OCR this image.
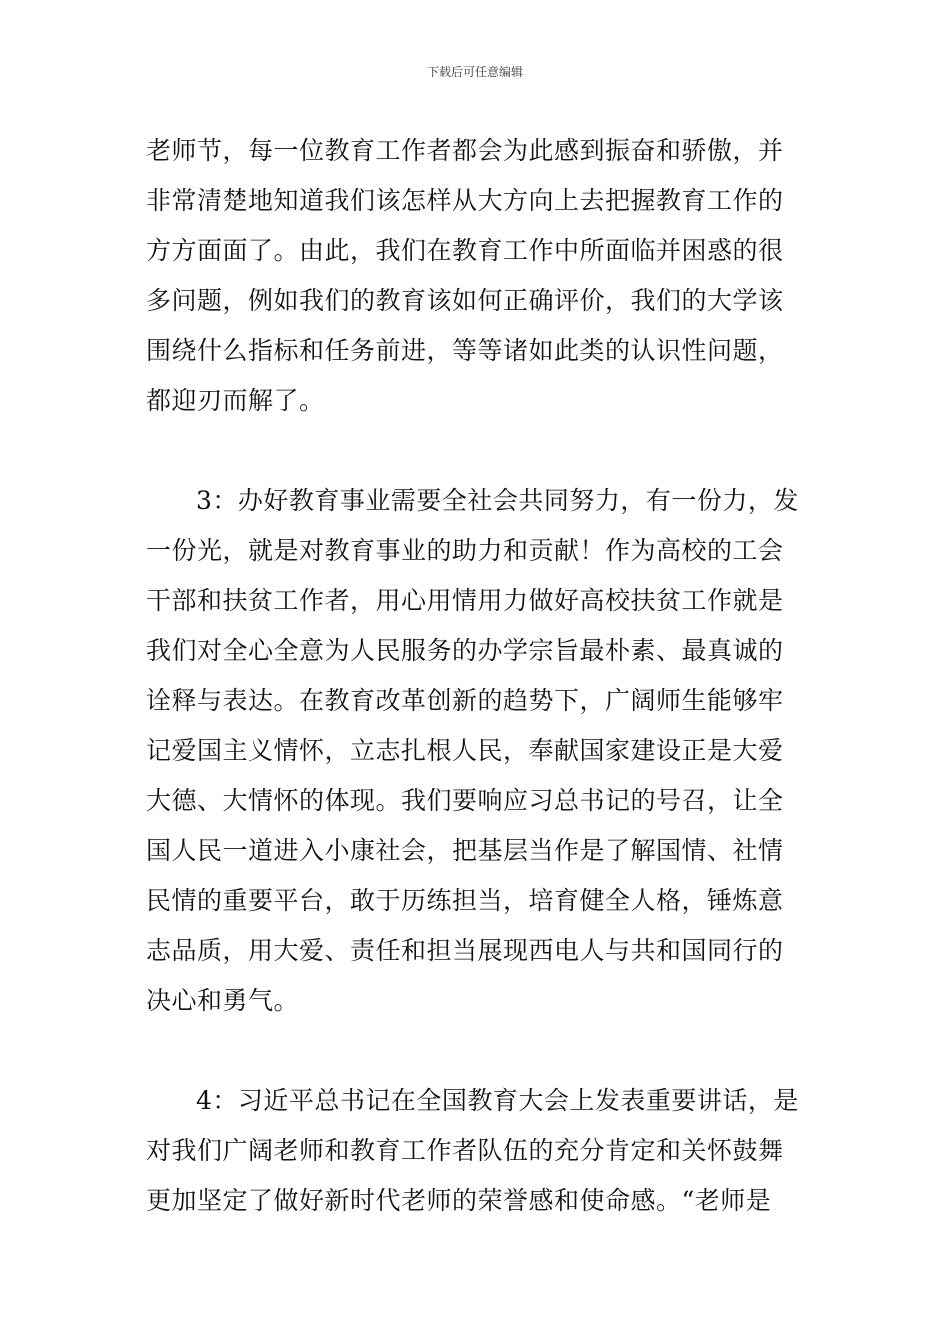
下载后可任意编辑
老师节，每一位教育工作者都会为此感到振奋和骄傲，并
非常清楚地知道我们该怎样从大方向上去把握教育工作的
方方面面了。由此，我们在教育工作中所面临并困惑的很
多问题，例如我们的教育该如何正确评价，我们的大学该
围绕什么指标和任务前进，等等诸如此类的认识性问题，
都迎刃而解了。
3：办好教育事业需要全社会共同努力，有一份力，发
一份光，就是对教育事业的助力和贡献！作为高校的工会
干部和扶贫工作者，用心用情用力做好高校扶贫工作就是
我们对全心全意为人民服务的办学宗旨最朴素、最真诚的
诠释与表达。在教育改革创新的趋势下，广阔师生能够牢
记爱国主义情怀，立志扎根人民，奉献国家建设正是大爱
大德、大情怀的体现。我们要响应习总书记的号召，让全
国人民一道进入小康社会，把基层当作是了解国情、社情
民情的重要平台，敢于历练担当，培育健全人格，锤炼意
志品质，用大爱、责任和担当展现西电人与共和国同行的
决心和勇气。
4：习近平总书记在全国教育大会上发表重要讲话，是
对我们广阔老师和教育工作者队伍的充分肯定和关怀鼓舞
更加坚定了做好新时代老师的荣誉感和使命感。“老师是
